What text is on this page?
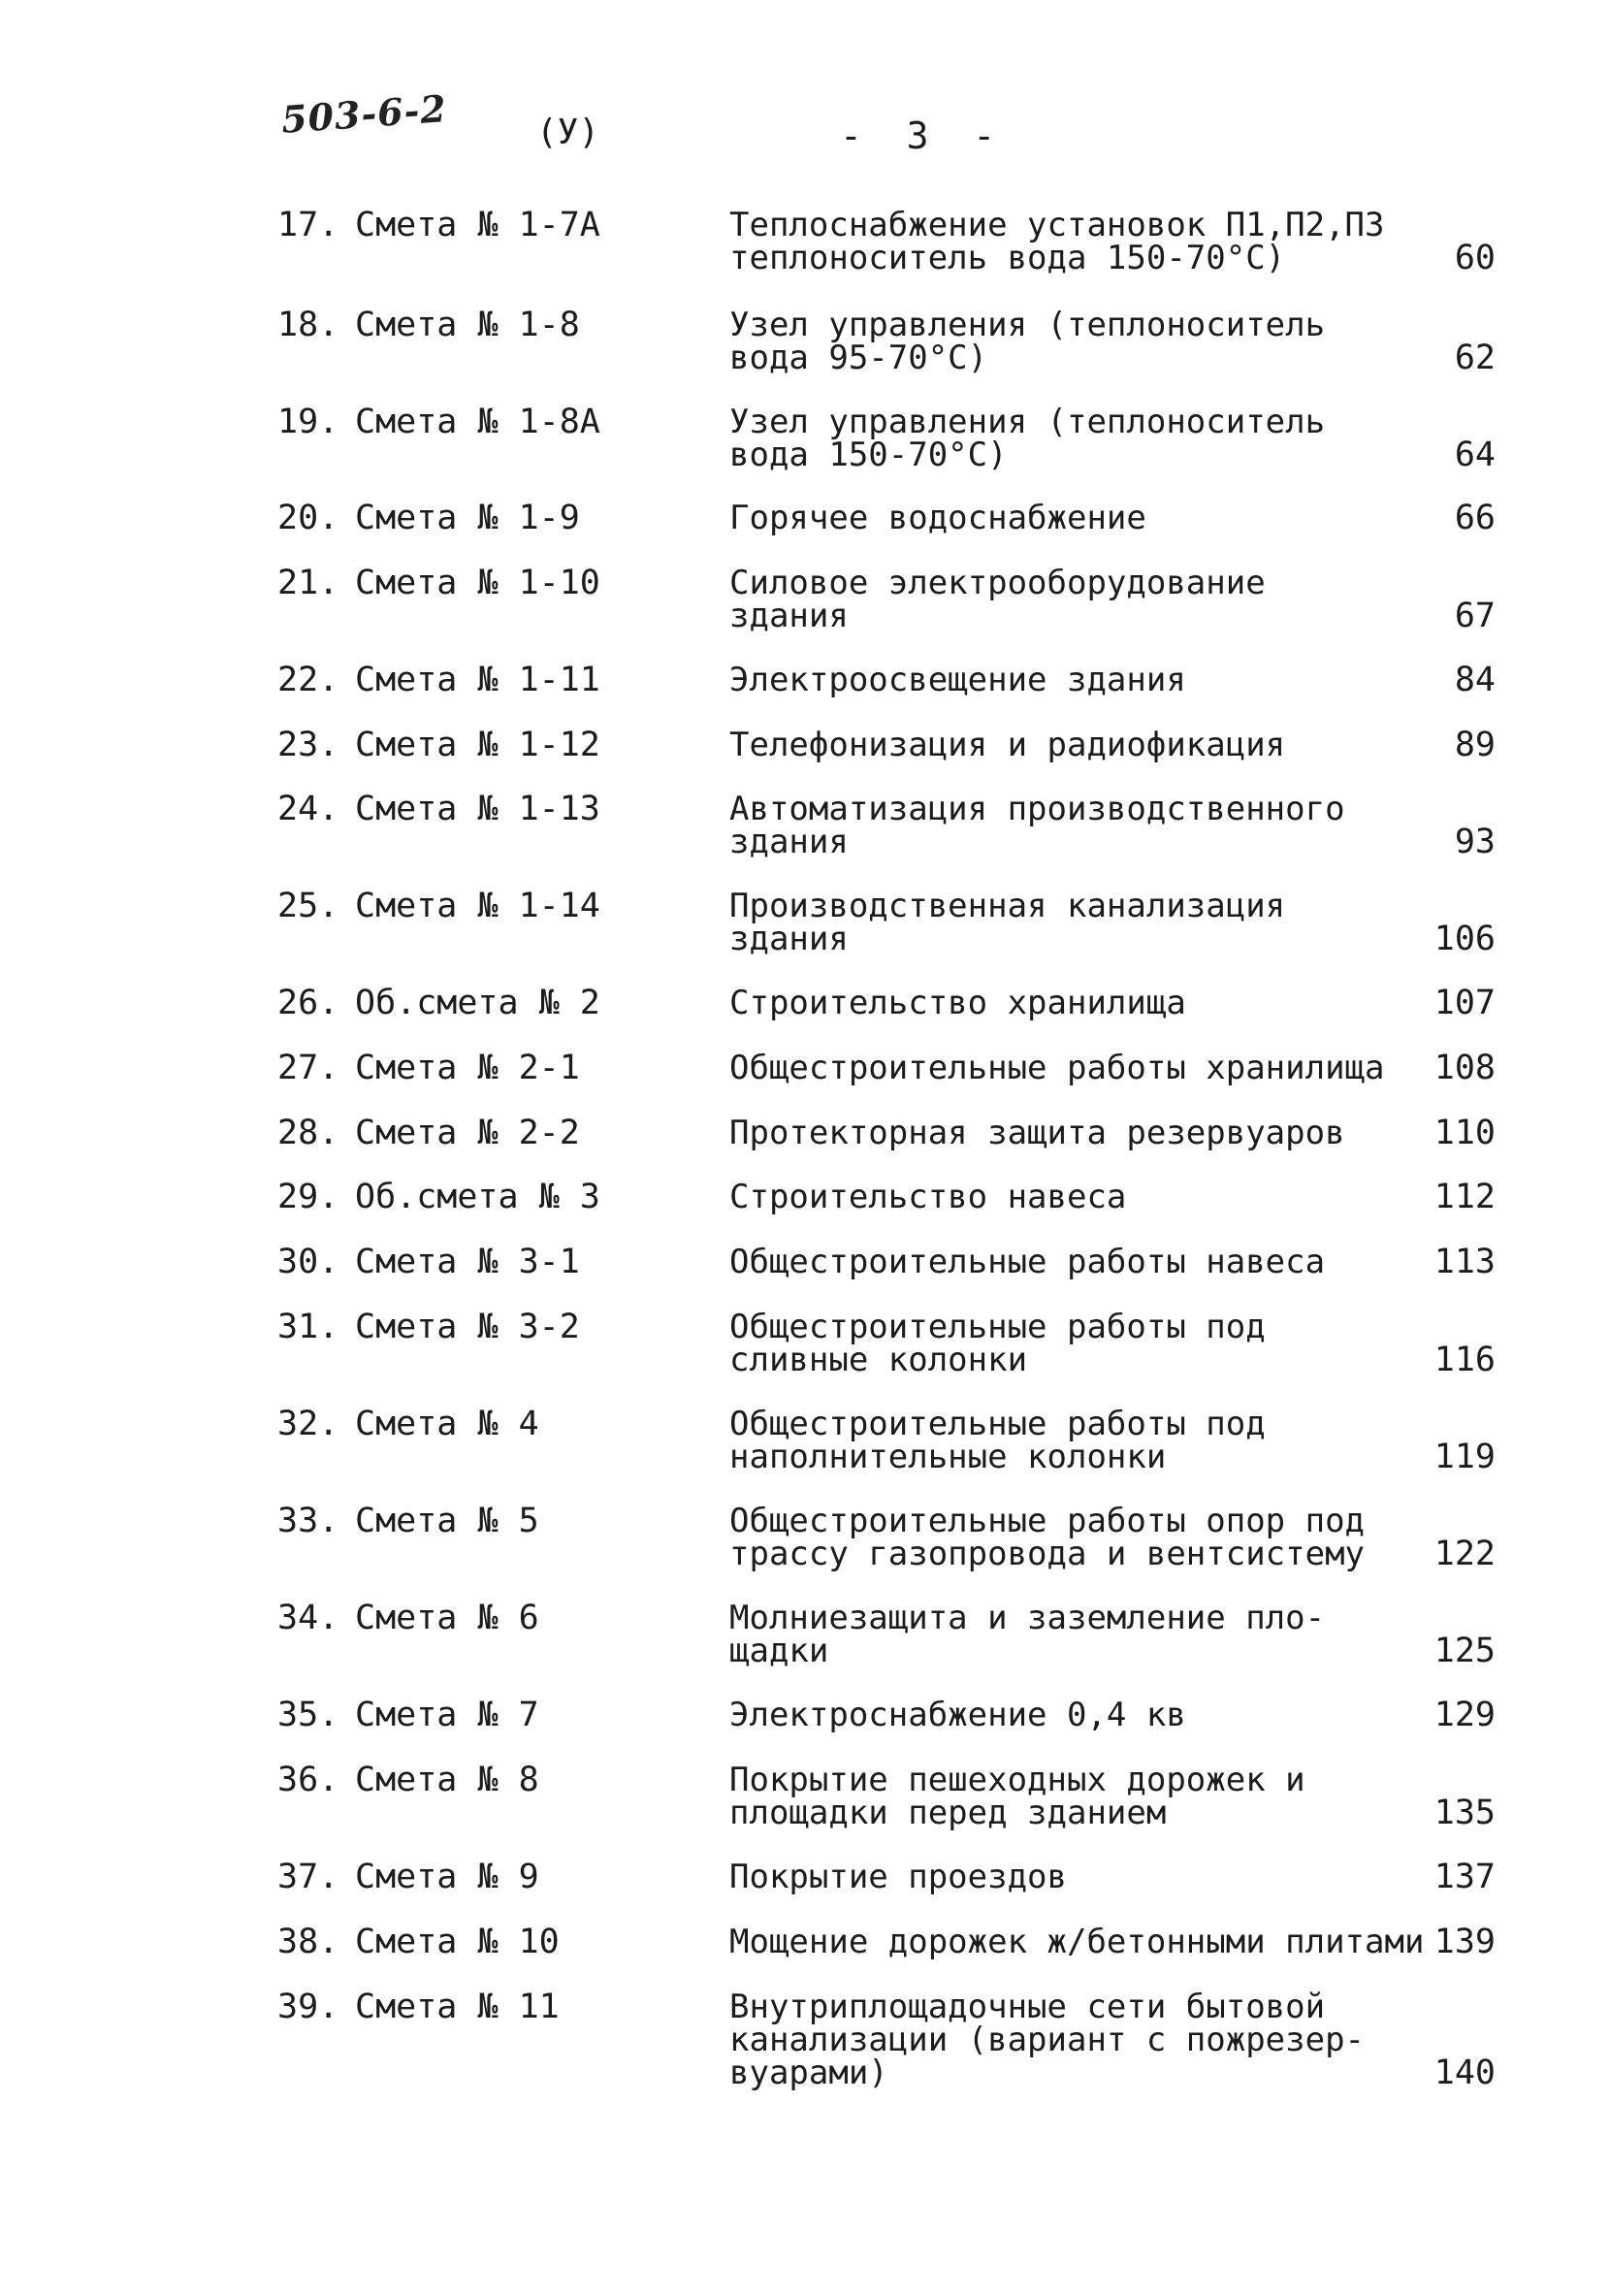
503-6-2	(У)	-  3  -
17. Смета № 1-7А	Теплоснабжение установок П1,П2,П3
теплоноситель вода 150-70°С)	60
18. Смета № 1-8	Узел управления (теплоноситель
вода 95-70°С)	62
19. Смета № 1-8А	Узел управления (теплоноситель
вода 150-70°С)	64
20. Смета № 1-9	Горячее водоснабжение	66
21. Смета № 1-10	Силовое электрооборудование
здания	67
22. Смета № 1-11	Электроосвещение здания	84
23. Смета № 1-12	Телефонизация и радиофикация	89
24. Смета № 1-13	Автоматизация производственного
здания	93
25. Смета № 1-14	Производственная канализация
здания	106
26. Об.смета № 2	Строительство хранилища	107
27. Смета № 2-1	Общестроительные работы хранилища	108
28. Смета № 2-2	Протекторная защита резервуаров	110
29. Об.смета № 3	Строительство навеса	112
30. Смета № 3-1	Общестроительные работы навеса	113
31. Смета № 3-2	Общестроительные работы под
сливные колонки	116
32. Смета № 4	Общестроительные работы под
наполнительные колонки	119
33. Смета № 5	Общестроительные работы опор под
трассу газопровода и вентсистему	122
34. Смета № 6	Молниезащита и заземление пло-
щадки	125
35. Смета № 7	Электроснабжение 0,4 кв	129
36. Смета № 8	Покрытие пешеходных дорожек и
площадки перед зданием	135
37. Смета № 9	Покрытие проездов	137
38. Смета № 10	Мощение дорожек ж/бетонными плитами 139
39. Смета № 11	Внутриплощадочные сети бытовой
канализации (вариант с пожрезер-
вуарами)	140
